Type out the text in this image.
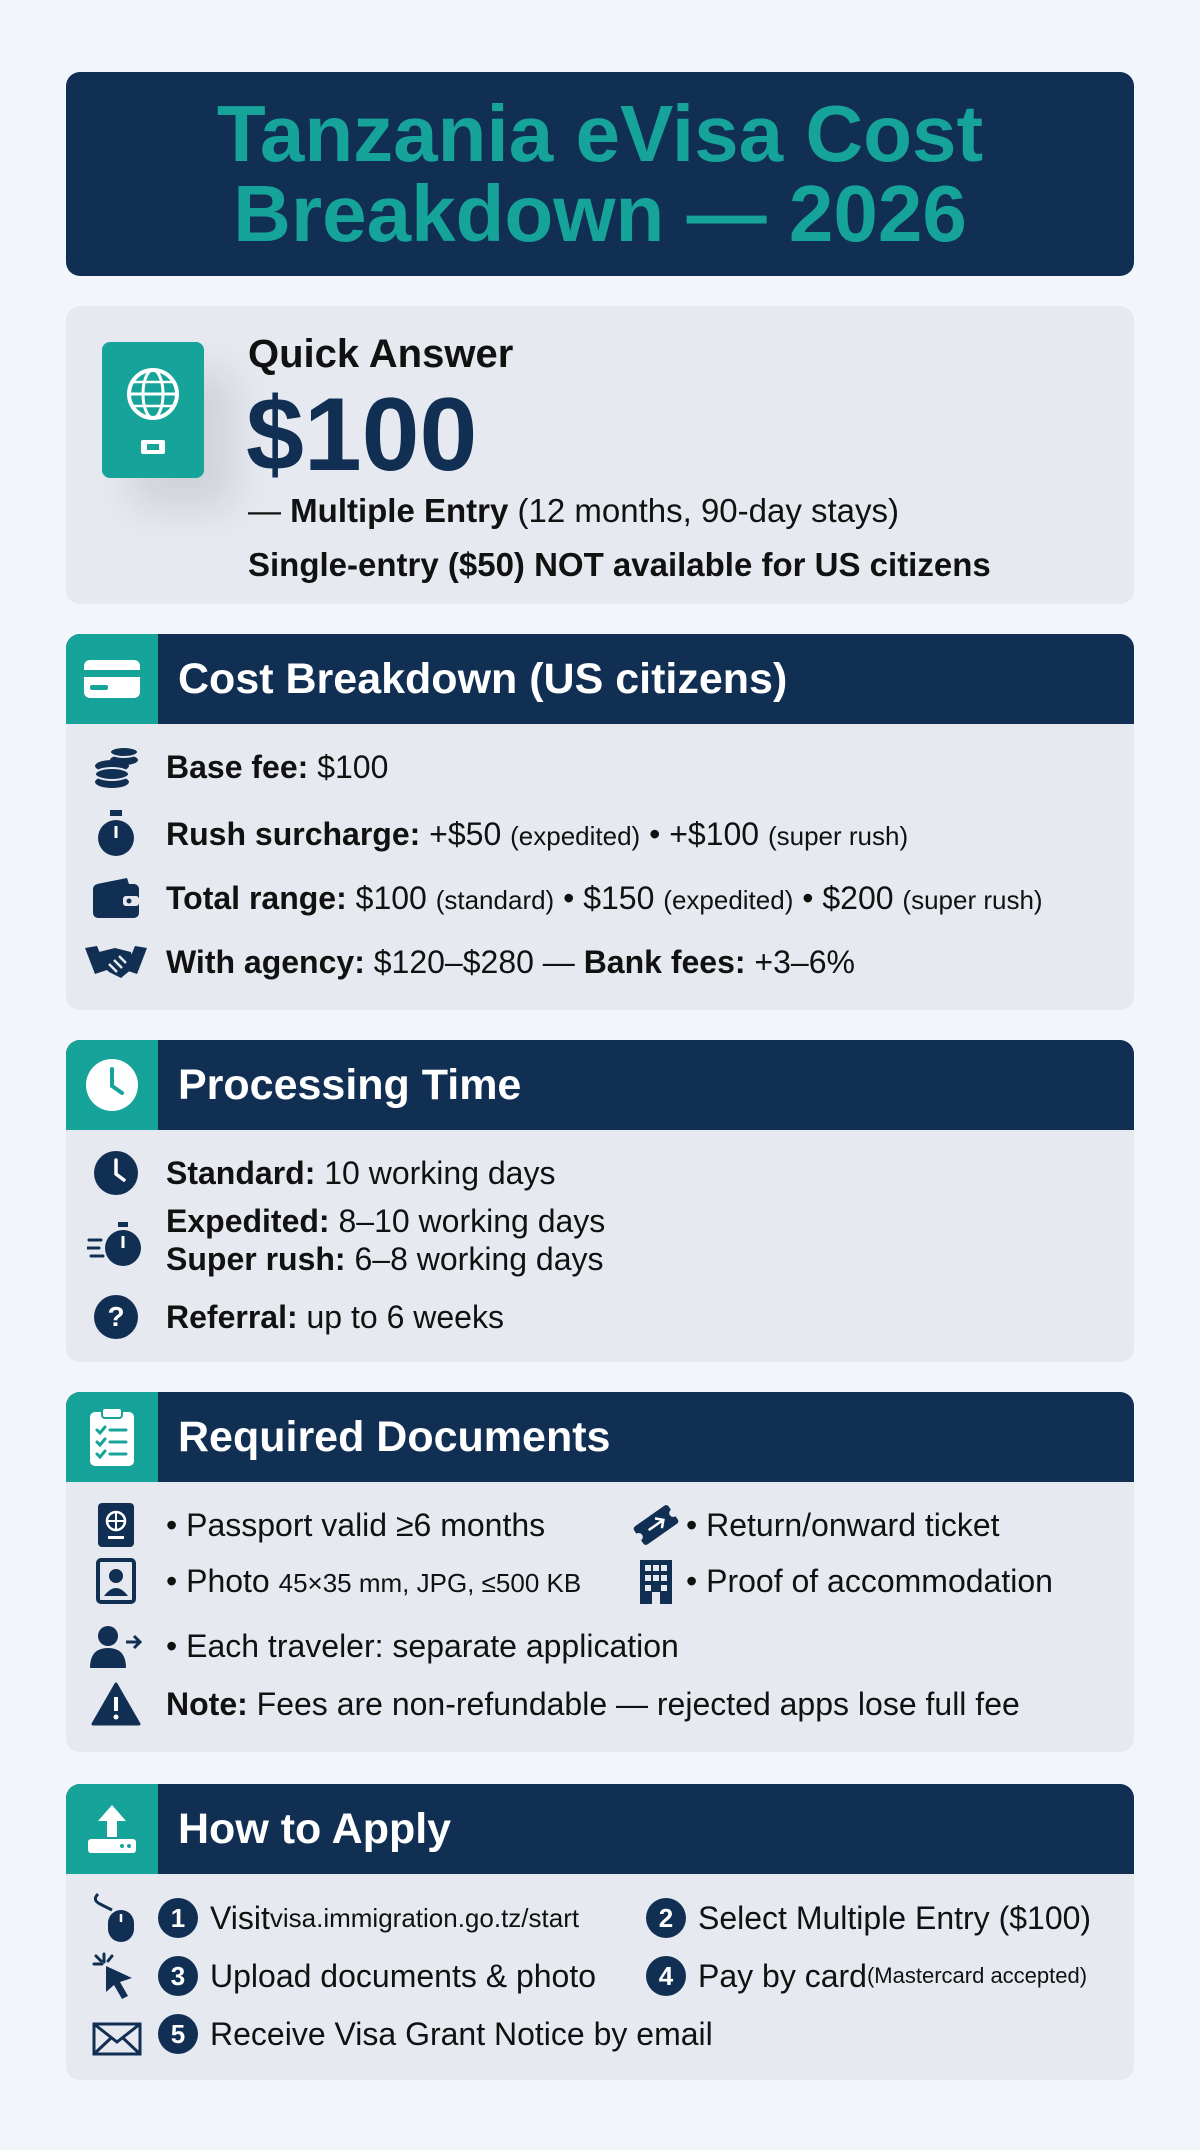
Tanzania eVisa Cost Breakdown — 2026
Quick Answer
$100
— Multiple Entry (12 months, 90-day stays)
Single-entry ($50) NOT available for US citizens
Cost Breakdown (US citizens)
Base fee: $100
Rush surcharge: +$50 (expedited) • +$100 (super rush)
Total range: $100 (standard) • $150 (expedited) • $200 (super rush)
With agency: $120–$280 — Bank fees: +3–6%
Processing Time
Standard: 10 working days
Expedited: 8–10 working days
Super rush: 6–8 working days
? Referral: up to 6 weeks
Required Documents
• Passport valid ≥6 months	• Return/onward ticket
• Photo 45×35 mm, JPG, ≤500 KB	• Proof of accommodation
• Each traveler: separate application
Note: Fees are non-refundable — rejected apps lose full fee
How to Apply
1 Visit visa.immigration.go.tz/start	2 Select Multiple Entry ($100)
3 Upload documents & photo	4 Pay by card (Mastercard accepted)
5 Receive Visa Grant Notice by email
